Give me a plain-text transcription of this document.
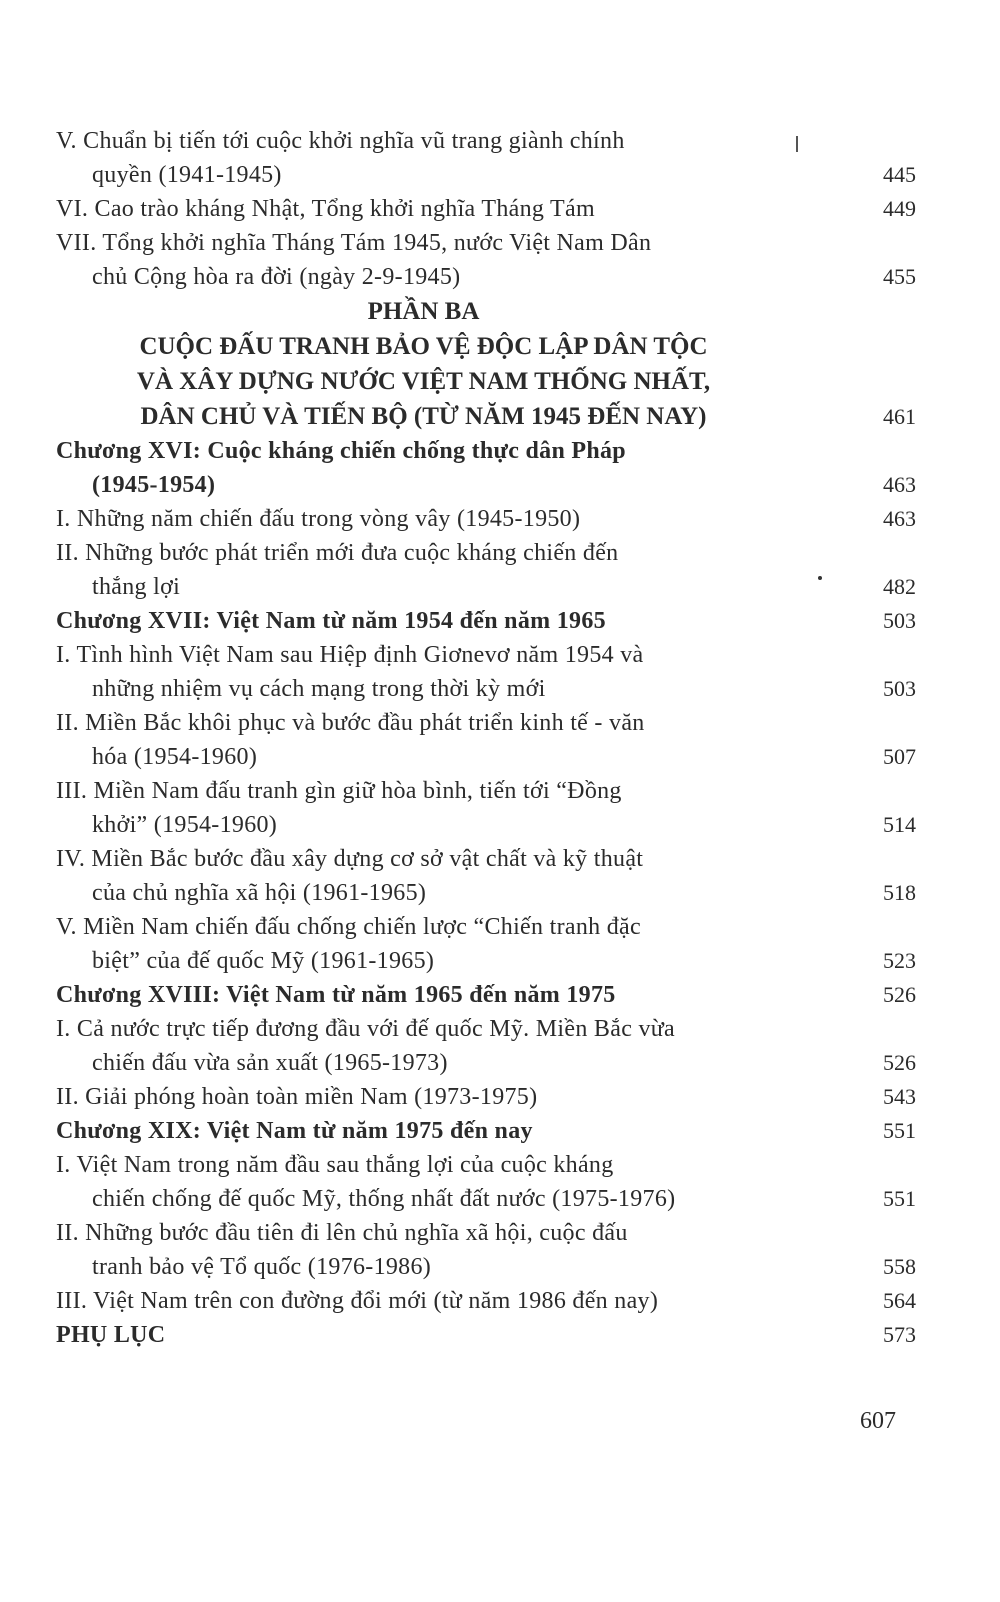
V. Chuẩn bị tiến tới cuộc khởi nghĩa vũ trang giành chính
quyền (1941-1945)	445
VI. Cao trào kháng Nhật, Tổng khởi nghĩa Tháng Tám	449
VII. Tổng khởi nghĩa Tháng Tám 1945, nước Việt Nam Dân
chủ Cộng hòa ra đời (ngày 2-9-1945)	455
PHẦN BA
CUỘC ĐẤU TRANH BẢO VỆ ĐỘC LẬP DÂN TỘC
VÀ XÂY DỰNG NƯỚC VIỆT NAM THỐNG NHẤT,
DÂN CHỦ VÀ TIẾN BỘ (TỪ NĂM 1945 ĐẾN NAY)	461
Chương XVI: Cuộc kháng chiến chống thực dân Pháp
(1945-1954)	463
I. Những năm chiến đấu trong vòng vây (1945-1950)	463
II. Những bước phát triển mới đưa cuộc kháng chiến đến
thắng lợi	482
Chương XVII: Việt Nam từ năm 1954 đến năm 1965	503
I. Tình hình Việt Nam sau Hiệp định Giơnevơ năm 1954 và
những nhiệm vụ cách mạng trong thời kỳ mới	503
II. Miền Bắc khôi phục và bước đầu phát triển kinh tế - văn
hóa (1954-1960)	507
III. Miền Nam đấu tranh gìn giữ hòa bình, tiến tới “Đồng
khởi” (1954-1960)	514
IV. Miền Bắc bước đầu xây dựng cơ sở vật chất và kỹ thuật
của chủ nghĩa xã hội (1961-1965)	518
V. Miền Nam chiến đấu chống chiến lược “Chiến tranh đặc
biệt” của đế quốc Mỹ (1961-1965)	523
Chương XVIII: Việt Nam từ năm 1965 đến năm 1975	526
I. Cả nước trực tiếp đương đầu với đế quốc Mỹ. Miền Bắc vừa
chiến đấu vừa sản xuất (1965-1973)	526
II. Giải phóng hoàn toàn miền Nam (1973-1975)	543
Chương XIX: Việt Nam từ năm 1975 đến nay	551
I. Việt Nam trong năm đầu sau thắng lợi của cuộc kháng
chiến chống đế quốc Mỹ, thống nhất đất nước (1975-1976)	551
II. Những bước đầu tiên đi lên chủ nghĩa xã hội, cuộc đấu
tranh bảo vệ Tổ quốc (1976-1986)	558
III. Việt Nam trên con đường đổi mới (từ năm 1986 đến nay)	564
PHỤ LỤC	573
607
